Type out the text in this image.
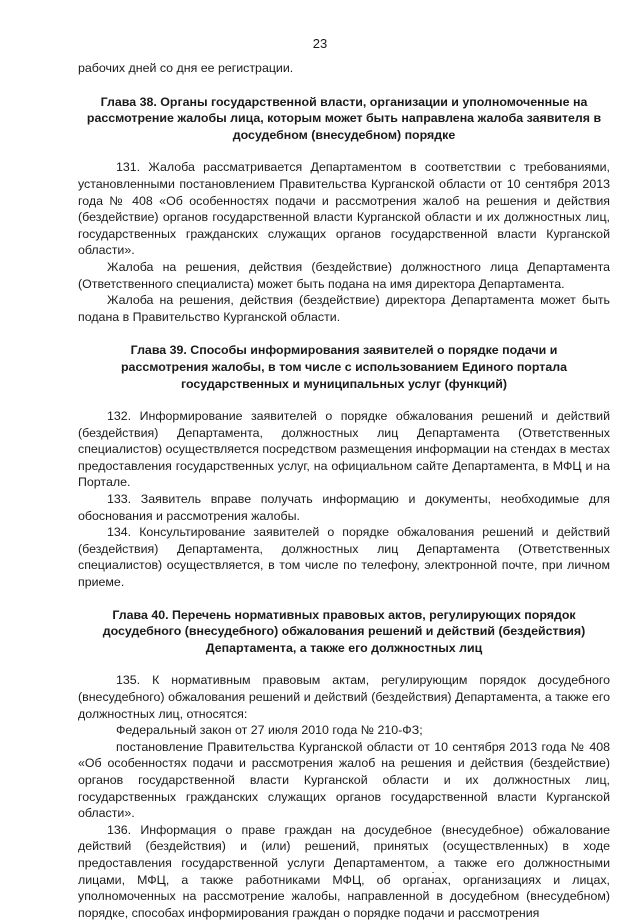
23

рабочих дней со дня ее регистрации.

Глава 38. Органы государственной власти, организации и уполномоченные на рассмотрение жалобы лица, которым может быть направлена жалоба заявителя в досудебном (внесудебном) порядке

131. Жалоба рассматривается Департаментом в соответствии с требованиями, установленными постановлением Правительства Курганской области от 10 сентября 2013 года № 408 «Об особенностях подачи и рассмотрения жалоб на решения и действия (бездействие) органов государственной власти Курганской области и их должностных лиц, государственных гражданских служащих органов государственной власти Курганской области».

Жалоба на решения, действия (бездействие) должностного лица Департамента (Ответственного специалиста) может быть подана на имя директора Департамента.

Жалоба на решения, действия (бездействие) директора Департамента может быть подана в Правительство Курганской области.

Глава 39. Способы информирования заявителей о порядке подачи и рассмотрения жалобы, в том числе с использованием Единого портала государственных и муниципальных услуг (функций)

132. Информирование заявителей о порядке обжалования решений и действий (бездействия) Департамента, должностных лиц Департамента (Ответственных специалистов) осуществляется посредством размещения информации на стендах в местах предоставления государственных услуг, на официальном сайте Департамента, в МФЦ и на Портале.

133. Заявитель вправе получать информацию и документы, необходимые для обоснования и рассмотрения жалобы.

134. Консультирование заявителей о порядке обжалования решений и действий (бездействия) Департамента, должностных лиц Департамента (Ответственных специалистов) осуществляется, в том числе по телефону, электронной почте, при личном приеме.

Глава 40. Перечень нормативных правовых актов, регулирующих порядок досудебного (внесудебного) обжалования решений и действий (бездействия) Департамента, а также его должностных лиц

135. К нормативным правовым актам, регулирующим порядок досудебного (внесудебного) обжалования решений и действий (бездействия) Департамента, а также его должностных лиц, относятся:

Федеральный закон от 27 июля 2010 года № 210-ФЗ;

постановление Правительства Курганской области от 10 сентября 2013 года № 408 «Об особенностях подачи и рассмотрения жалоб на решения и действия (бездействие) органов государственной власти Курганской области и их должностных лиц, государственных гражданских служащих органов государственной власти Курганской области».

136. Информация о праве граждан на досудебное (внесудебное) обжалование действий (бездействия) и (или) решений, принятых (осуществленных) в ходе предоставления государственной услуги Департаментом, а также его должностными лицами, МФЦ, а также работниками МФЦ, об органах, организациях и лицах, уполномоченных на рассмотрение жалобы, направленной в досудебном (внесудебном) порядке, способах информирования граждан о порядке подачи и рассмотрения
